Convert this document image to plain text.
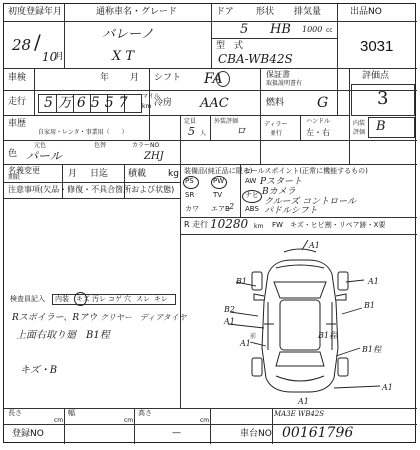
初度登録年月
28 /
10
月
通称車名・グレード
バレーノ
X T
ドア 形状 排気量
5 HB 1000 cc
型　式
CBA-WB42S
出品NO
3031
車検	年 月 シフト FA	保証書
取扱説明書有
評価点
3
走行 5万6557 マイル
km 冷房 AAC	燃料 G
車歴
自家用・レンタ・事業用（　　）
定員
5 人
外装評価
ロ
ディラー
並行
ハンドル
左・右
内装
評価 B
色
元色	色替	カラーNO
パール	ZHJ
名義変更
期限	月 日迄 積載 kg
注意事項(欠品・修復・不具合箇所および状態)
装備品(純正品に限る)
PS	PW
SR	TV
カワ エアB
AW
ナビ
ABS
2
R 走行 10280 km FW　キズ・ヒビ割・リペア跡・X要
セールスポイント(正常に機能するもの)
Pスタート
Bカメラ
クルーズ コントロール
パドルシフト
検査員記入 内装 キズ 汚レ コゲ 穴 スレ キレ
Rスポイラー、Rアウ クリヤー　ディアタイヤ
上面右取り廻　B1程
キズ・B
A1
B1	A1
B2
A1
B1
A1
B1程
B1程
A1
A1
前
長さ
cm
幅
cm
高さ
cm
MA3E WB42S
登録NO	—	車台NO 00161796
